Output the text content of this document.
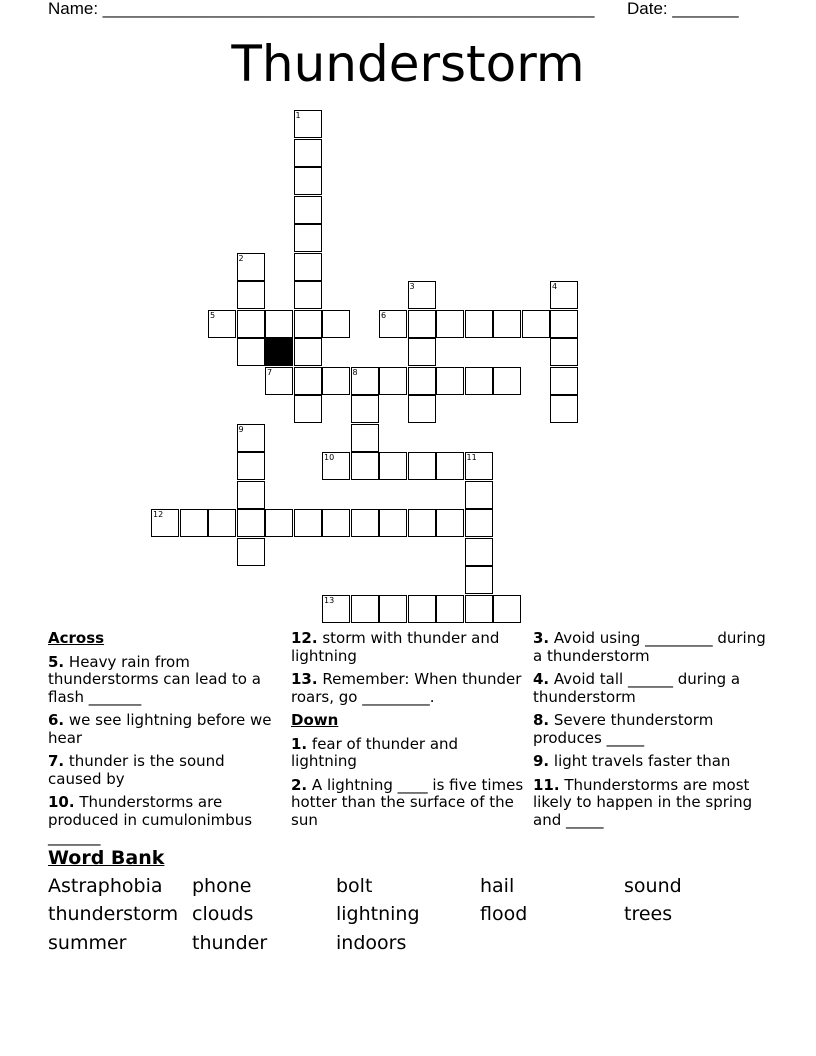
Name: ____________________________________________________ Date: _______
Thunderstorm
1
2
3	4
5	6
7	8
9
10	11
12
13
Across
5. Heavy rain from thunderstorms can lead to a flash _______
6. we see lightning before we hear
7. thunder is the sound caused by
10. Thunderstorms are produced in cumulonimbus _______
12. storm with thunder and lightning
13. Remember: When thunder roars, go _________.
Down
1. fear of thunder and lightning
2. A lightning ____ is five times hotter than the surface of the sun
3. Avoid using _________ during a thunderstorm
4. Avoid tall ______ during a thunderstorm
8. Severe thunderstorm produces _____
9. light travels faster than
11. Thunderstorms are most likely to happen in the spring and _____
Word Bank
Astraphobia phone	bolt	hail	sound
thunderstorm clouds	lightning	flood	trees
summer	thunder	indoors
